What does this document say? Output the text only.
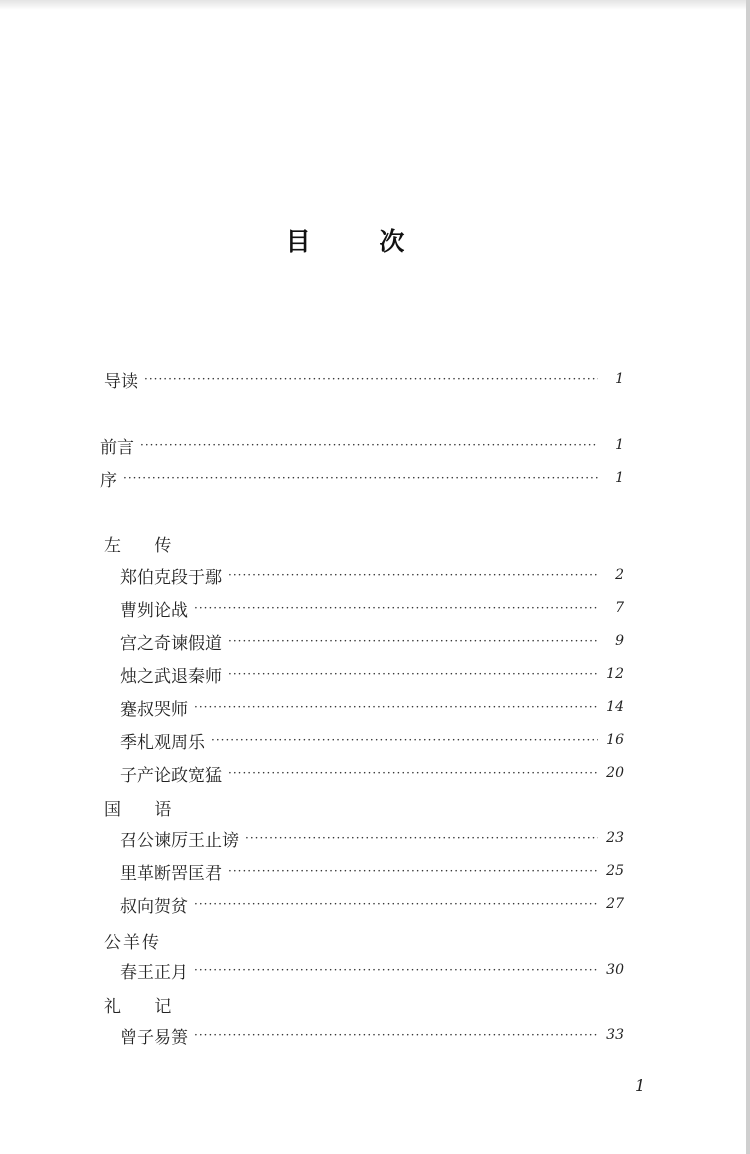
目 次
导读 ·····	1
前言 ·····	1
序 ·····	1
左 传
郑伯克段于鄢 ·····	2
曹刿论战 ·····	7
宫之奇谏假道 ·····	9
烛之武退秦师 ·····	12
蹇叔哭师 ·····	14
季札观周乐 ·····	16
子产论政宽猛 ·····	20
国 语
召公谏厉王止谤 ·····	23
里革断罟匡君 ·····	25
叔向贺贫 ·····	27
公羊传
春王正月 ·····	30
礼 记
曾子易箦 ·····	33
1
